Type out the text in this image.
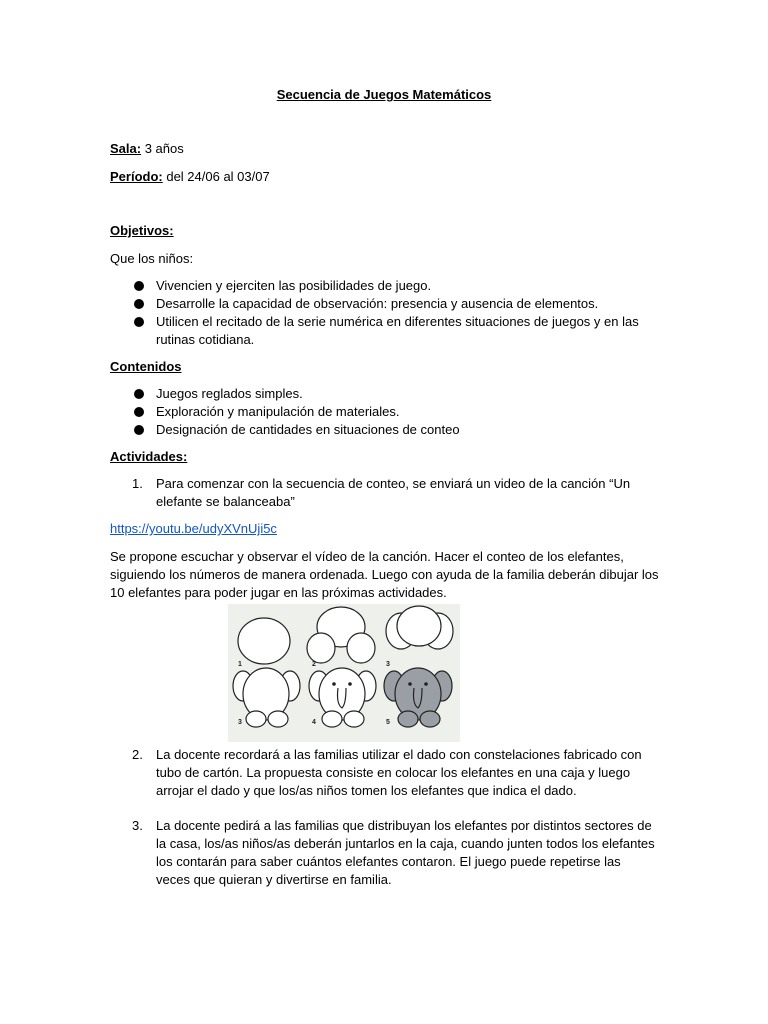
Secuencia de Juegos Matemáticos
Sala: 3 años
Período: del 24/06 al 03/07
Objetivos:
Que los niños:
Vivencien y ejerciten las posibilidades de juego.
Desarrolle la capacidad de observación: presencia y ausencia de elementos.
Utilicen el recitado de la serie numérica en diferentes situaciones de juegos y en las rutinas cotidiana.
Contenidos
Juegos reglados simples.
Exploración y manipulación de materiales.
Designación de cantidades en situaciones de conteo
Actividades:
1. Para comenzar con la secuencia de conteo, se enviará un video de la canción “Un elefante se balanceaba”
https://youtu.be/udyXVnUji5c
Se propone escuchar y observar el vídeo de la canción. Hacer el conteo de los elefantes, siguiendo los números de manera ordenada. Luego con ayuda de la familia deberán dibujar los 10 elefantes para poder jugar en las próximas actividades.
1	2	3
3	4	5
2. La docente recordará a las familias utilizar el dado con constelaciones fabricado con tubo de cartón. La propuesta consiste en colocar los elefantes en una caja y luego arrojar el dado y que los/as niños tomen los elefantes que indica el dado.
3. La docente pedirá a las familias que distribuyan los elefantes por distintos sectores de la casa, los/as niños/as deberán juntarlos en la caja, cuando junten todos los elefantes los contarán para saber cuántos elefantes contaron. El juego puede repetirse las veces que quieran y divertirse en familia.
